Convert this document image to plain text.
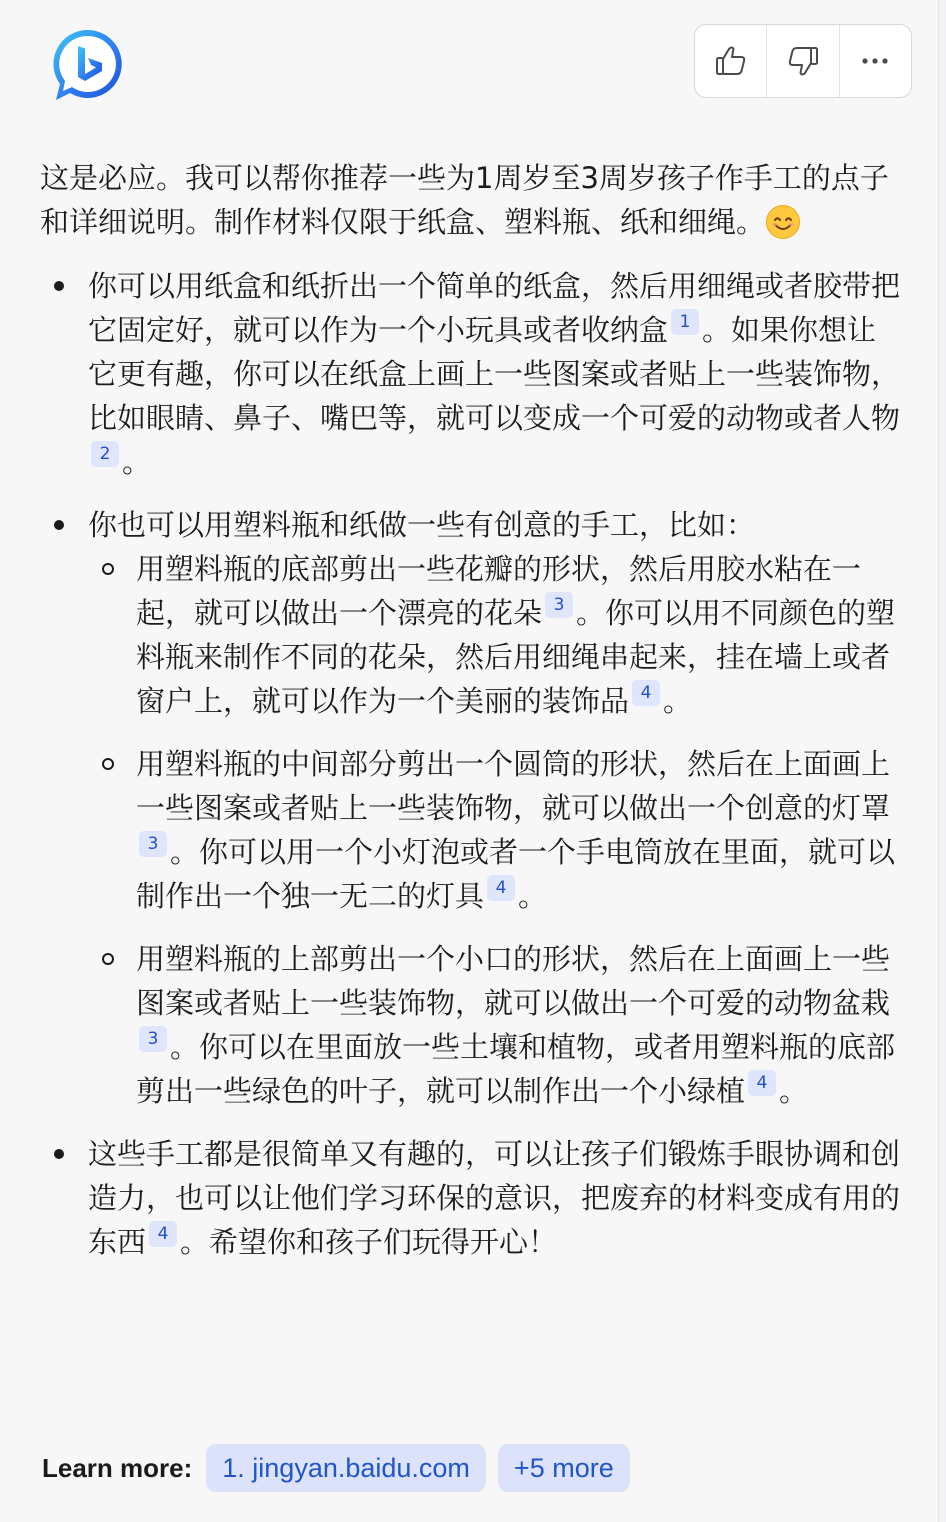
这是必应。我可以帮你推荐一些为1周岁至3周岁孩子作手工的点子和详细说明。制作材料仅限于纸盒、塑料瓶、纸和细绳。

你可以用纸盒和纸折出一个简单的纸盒，然后用细绳或者胶带把它固定好，就可以作为一个小玩具或者收纳盒 1 。如果你想让它更有趣，你可以在纸盒上画上一些图案或者贴上一些装饰物，比如眼睛、鼻子、嘴巴等，就可以变成一个可爱的动物或者人物2 。
你也可以用塑料瓶和纸做一些有创意的手工，比如：
用塑料瓶的底部剪出一些花瓣的形状，然后用胶水粘在一起，就可以做出一个漂亮的花朵 3 。你可以用不同颜色的塑料瓶来制作不同的花朵，然后用细绳串起来，挂在墙上或者窗户上，就可以作为一个美丽的装饰品 4 。
用塑料瓶的中间部分剪出一个圆筒的形状，然后在上面画上一些图案或者贴上一些装饰物，就可以做出一个创意的灯罩3 。你可以用一个小灯泡或者一个手电筒放在里面，就可以制作出一个独一无二的灯具 4 。
用塑料瓶的上部剪出一个小口的形状，然后在上面画上一些图案或者贴上一些装饰物，就可以做出一个可爱的动物盆栽3 。你可以在里面放一些土壤和植物，或者用塑料瓶的底部剪出一些绿色的叶子，就可以制作出一个小绿植 4 。
这些手工都是很简单又有趣的，可以让孩子们锻炼手眼协调和创造力，也可以让他们学习环保的意识，把废弃的材料变成有用的东西 4 。希望你和孩子们玩得开心！
Learn more:	1. jingyan.baidu.com	+5 more
